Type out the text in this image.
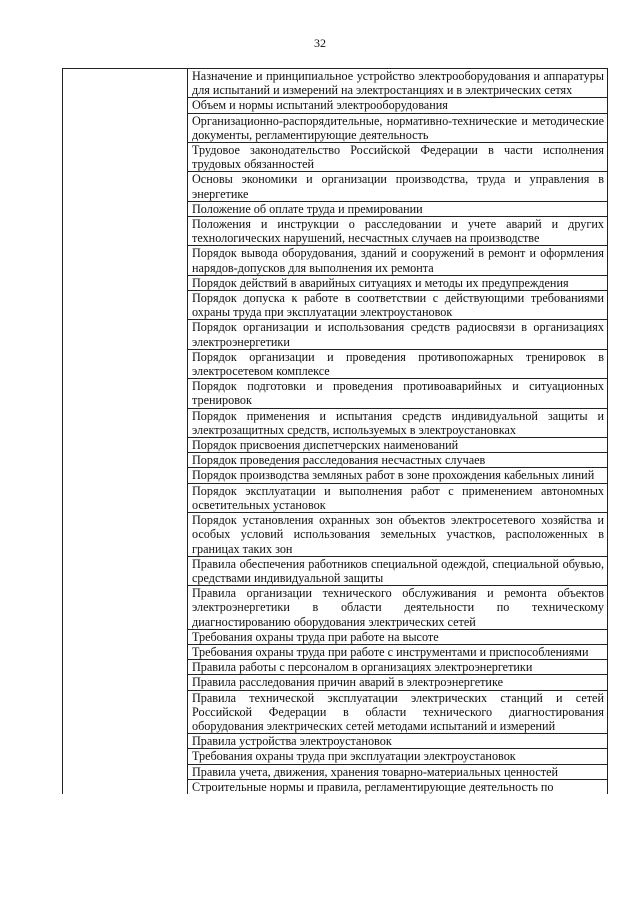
32
	Назначение и принципиальное устройство электрооборудования и аппаратуры для испытаний и измерений на электростанциях и в электрических сетях
Объем и нормы испытаний электрооборудования
Организационно-распорядительные, нормативно-технические и методические документы, регламентирующие деятельность
Трудовое законодательство Российской Федерации в части исполнения трудовых обязанностей
Основы экономики и организации производства, труда и управления в энергетике
Положение об оплате труда и премировании
Положения и инструкции о расследовании и учете аварий и других технологических нарушений, несчастных случаев на производстве
Порядок вывода оборудования, зданий и сооружений в ремонт и оформления нарядов-допусков для выполнения их ремонта
Порядок действий в аварийных ситуациях и методы их предупреждения
Порядок допуска к работе в соответствии с действующими требованиями охраны труда при эксплуатации электроустановок
Порядок организации и использования средств радиосвязи в организациях электроэнергетики
Порядок организации и проведения противопожарных тренировок в электросетевом комплексе
Порядок подготовки и проведения противоаварийных и ситуационных тренировок
Порядок применения и испытания средств индивидуальной защиты и электрозащитных средств, используемых в электроустановках
Порядок присвоения диспетчерских наименований
Порядок проведения расследования несчастных случаев
Порядок производства земляных работ в зоне прохождения кабельных линий
Порядок эксплуатации и выполнения работ с применением автономных осветительных установок
Порядок установления охранных зон объектов электросетевого хозяйства и особых условий использования земельных участков, расположенных в границах таких зон
Правила обеспечения работников специальной одеждой, специальной обувью, средствами индивидуальной защиты
Правила организации технического обслуживания и ремонта объектов электроэнергетики в области деятельности по техническому диагностированию оборудования электрических сетей
Требования охраны труда при работе на высоте
Требования охраны труда при работе с инструментами и приспособлениями
Правила работы с персоналом в организациях электроэнергетики
Правила расследования причин аварий в электроэнергетике
Правила технической эксплуатации электрических станций и сетей Российской Федерации в области технического диагностирования оборудования электрических сетей методами испытаний и измерений
Правила устройства электроустановок
Требования охраны труда при эксплуатации электроустановок
Правила учета, движения, хранения товарно-материальных ценностей
Строительные нормы и правила, регламентирующие деятельность по
